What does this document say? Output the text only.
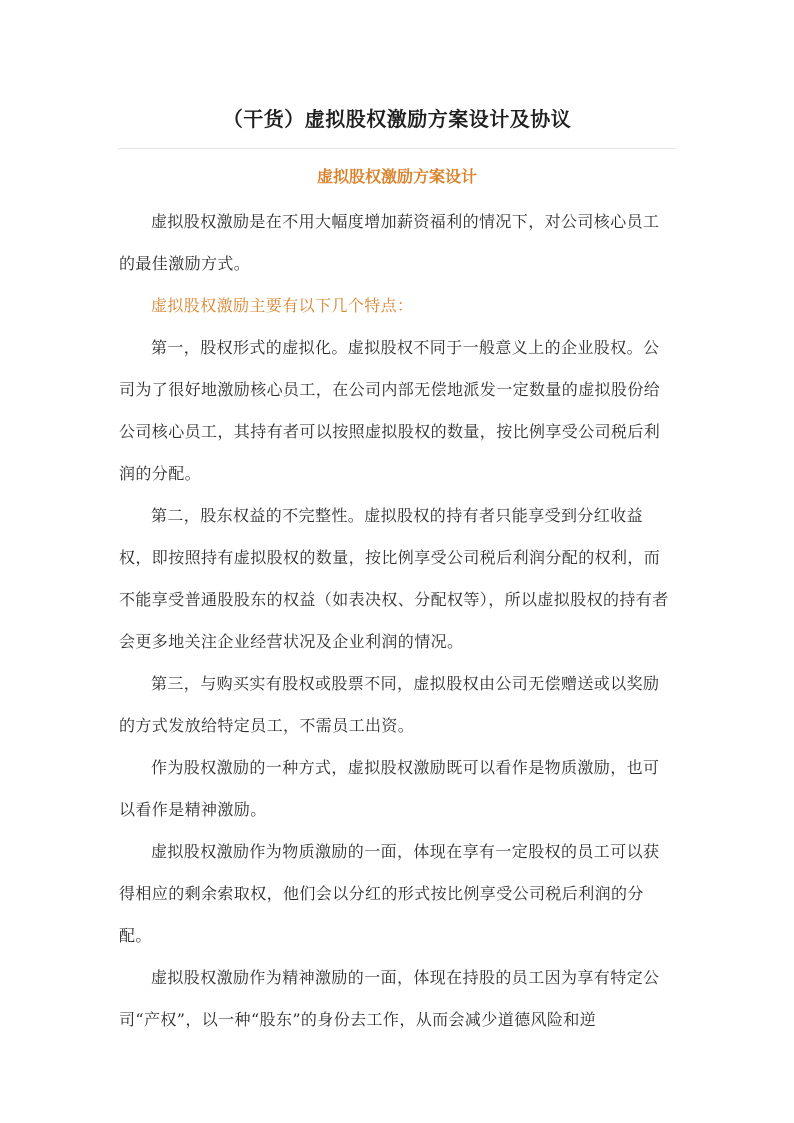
（干货）虚拟股权激励方案设计及协议
虚拟股权激励方案设计

虚拟股权激励是在不用大幅度增加薪资福利的情况下，对公司核心员工的最佳激励方式。

虚拟股权激励主要有以下几个特点：

第一，股权形式的虚拟化。虚拟股权不同于一般意义上的企业股权。公司为了很好地激励核心员工，在公司内部无偿地派发一定数量的虚拟股份给公司核心员工，其持有者可以按照虚拟股权的数量，按比例享受公司税后利润的分配。

第二，股东权益的不完整性。虚拟股权的持有者只能享受到分红收益权，即按照持有虚拟股权的数量，按比例享受公司税后利润分配的权利，而不能享受普通股股东的权益（如表决权、分配权等），所以虚拟股权的持有者会更多地关注企业经营状况及企业利润的情况。

第三，与购买实有股权或股票不同，虚拟股权由公司无偿赠送或以奖励的方式发放给特定员工，不需员工出资。

作为股权激励的一种方式，虚拟股权激励既可以看作是物质激励，也可以看作是精神激励。

虚拟股权激励作为物质激励的一面，体现在享有一定股权的员工可以获得相应的剩余索取权，他们会以分红的形式按比例享受公司税后利润的分配。

虚拟股权激励作为精神激励的一面，体现在持股的员工因为享有特定公司“产权”，以一种“股东”的身份去工作，从而会减少道德风险和逆
